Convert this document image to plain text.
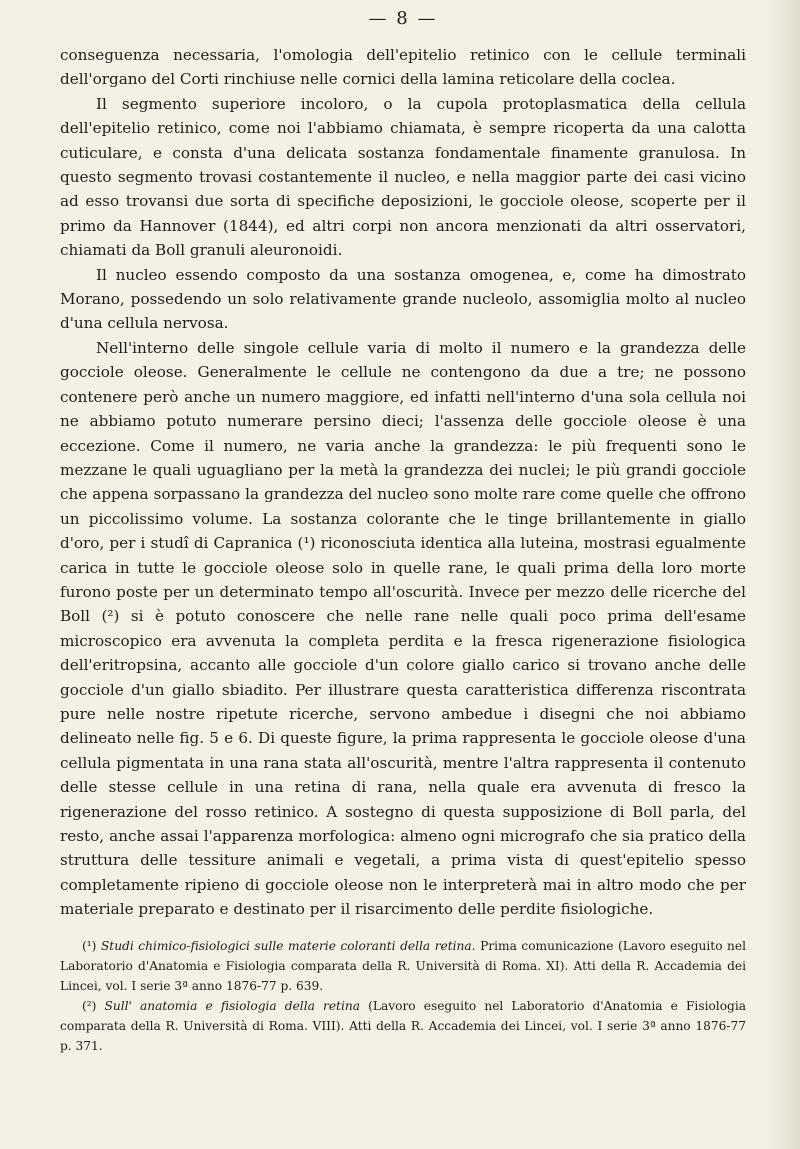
— 8 —

conseguenza necessaria, l'omologia dell'epitelio retinico con le cellule terminali dell'organo del Corti rinchiuse nelle cornici della lamina reticolare della coclea.

Il segmento superiore incoloro, o la cupola protoplasmatica della cellula dell'epitelio retinico, come noi l'abbiamo chiamata, è sempre ricoperta da una calotta cuticulare, e consta d'una delicata sostanza fondamentale finamente granulosa. In questo segmento trovasi costantemente il nucleo, e nella maggior parte dei casi vicino ad esso trovansi due sorta di specifiche deposizioni, le gocciole oleose, scoperte per il primo da Hannover (1844), ed altri corpi non ancora menzionati da altri osservatori, chiamati da Boll granuli aleuronoidi.

Il nucleo essendo composto da una sostanza omogenea, e, come ha dimostrato Morano, possedendo un solo relativamente grande nucleolo, assomiglia molto al nucleo d'una cellula nervosa.

Nell'interno delle singole cellule varia di molto il numero e la grandezza delle gocciole oleose. Generalmente le cellule ne contengono da due a tre; ne possono contenere però anche un numero maggiore, ed infatti nell'interno d'una sola cellula noi ne abbiamo potuto numerare persino dieci; l'assenza delle gocciole oleose è una eccezione. Come il numero, ne varia anche la grandezza: le più frequenti sono le mezzane le quali uguagliano per la metà la grandezza dei nuclei; le più grandi gocciole che appena sorpassano la grandezza del nucleo sono molte rare come quelle che offrono un piccolissimo volume. La sostanza colorante che le tinge brillantemente in giallo d'oro, per i studî di Capranica (¹) riconosciuta identica alla luteina, mostrasi egualmente carica in tutte le gocciole oleose solo in quelle rane, le quali prima della loro morte furono poste per un determinato tempo all'oscurità. Invece per mezzo delle ricerche del Boll (²) si è potuto conoscere che nelle rane nelle quali poco prima dell'esame microscopico era avvenuta la completa perdita e la fresca rigenerazione fisiologica dell'eritropsina, accanto alle gocciole d'un colore giallo carico si trovano anche delle gocciole d'un giallo sbiadito. Per illustrare questa caratteristica differenza riscontrata pure nelle nostre ripetute ricerche, servono ambedue i disegni che noi abbiamo delineato nelle fig. 5 e 6. Di queste figure, la prima rappresenta le gocciole oleose d'una cellula pigmentata in una rana stata all'oscurità, mentre l'altra rappresenta il contenuto delle stesse cellule in una retina di rana, nella quale era avvenuta di fresco la rigenerazione del rosso retinico. A sostegno di questa supposizione di Boll parla, del resto, anche assai l'apparenza morfologica: almeno ogni micrografo che sia pratico della struttura delle tessiture animali e vegetali, a prima vista di quest'epitelio spesso completamente ripieno di gocciole oleose non le interpreterà mai in altro modo che per materiale preparato e destinato per il risarcimento delle perdite fisiologiche.

(¹) Studi chimico-fisiologici sulle materie coloranti della retina. Prima comunicazione (Lavoro eseguito nel Laboratorio d'Anatomia e Fisiologia comparata della R. Università di Roma. XI). Atti della R. Accademia dei Lincei, vol. I serie 3ª anno 1876-77 p. 639.

(²) Sull' anatomia e fisiologia della retina (Lavoro eseguito nel Laboratorio d'Anatomia e Fisiologia comparata della R. Università di Roma. VIII). Atti della R. Accademia dei Lincei, vol. I serie 3ª anno 1876-77 p. 371.
